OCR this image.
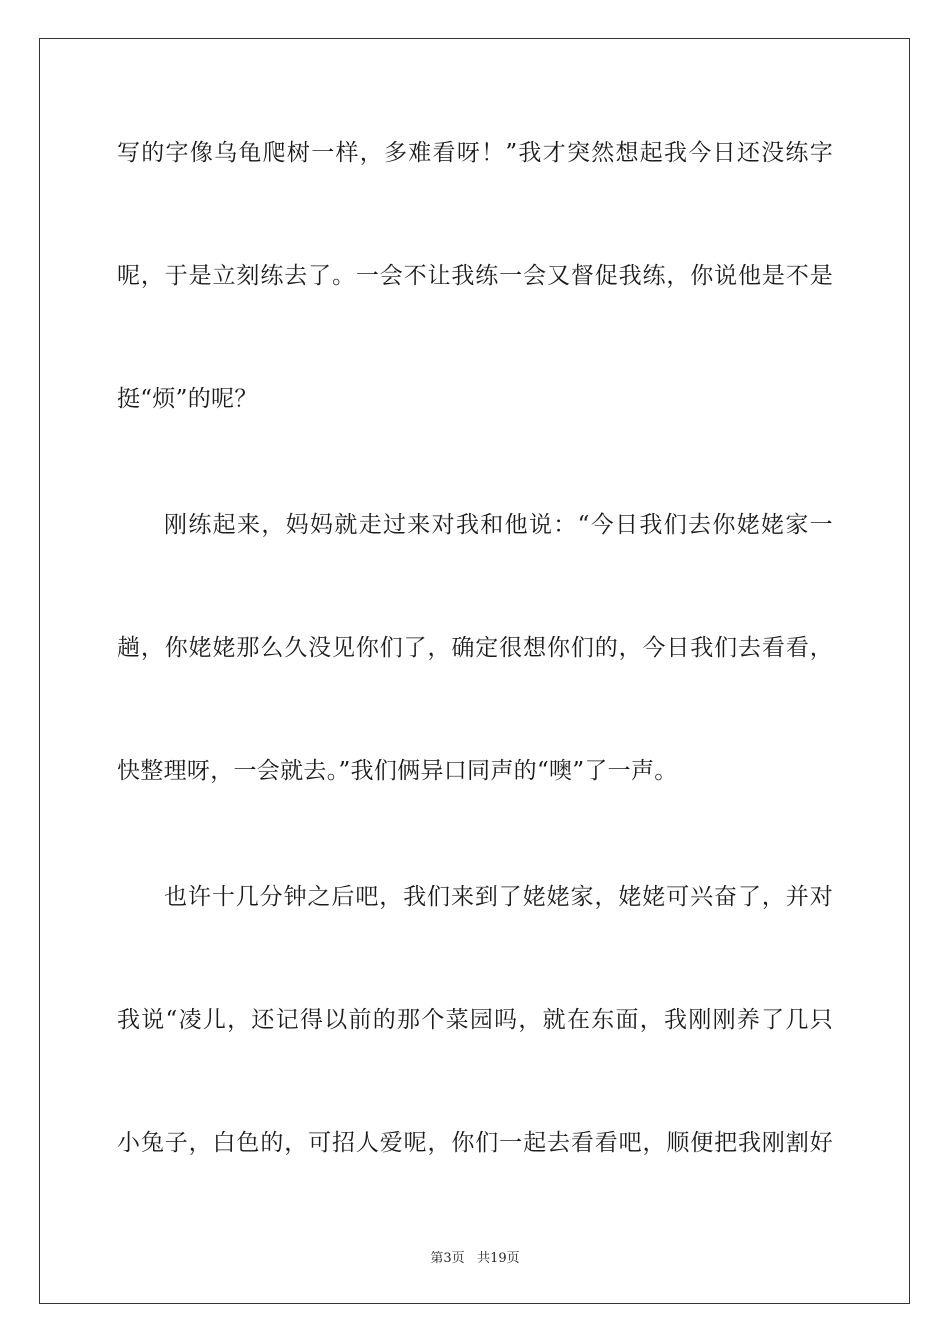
写的字像乌龟爬树一样，多难看呀！”我才突然想起我今日还没练字
呢，于是立刻练去了。一会不让我练一会又督促我练，你说他是不是
挺“烦”的呢？
刚练起来，妈妈就走过来对我和他说：“今日我们去你姥姥家一
趟，你姥姥那么久没见你们了，确定很想你们的，今日我们去看看，
快整理呀，一会就去。”我们俩异口同声的“噢”了一声。
也许十几分钟之后吧，我们来到了姥姥家，姥姥可兴奋了，并对
我说“凌儿，还记得以前的那个菜园吗，就在东面，我刚刚养了几只
小兔子，白色的，可招人爱呢，你们一起去看看吧，顺便把我刚割好
第3页 共19页
